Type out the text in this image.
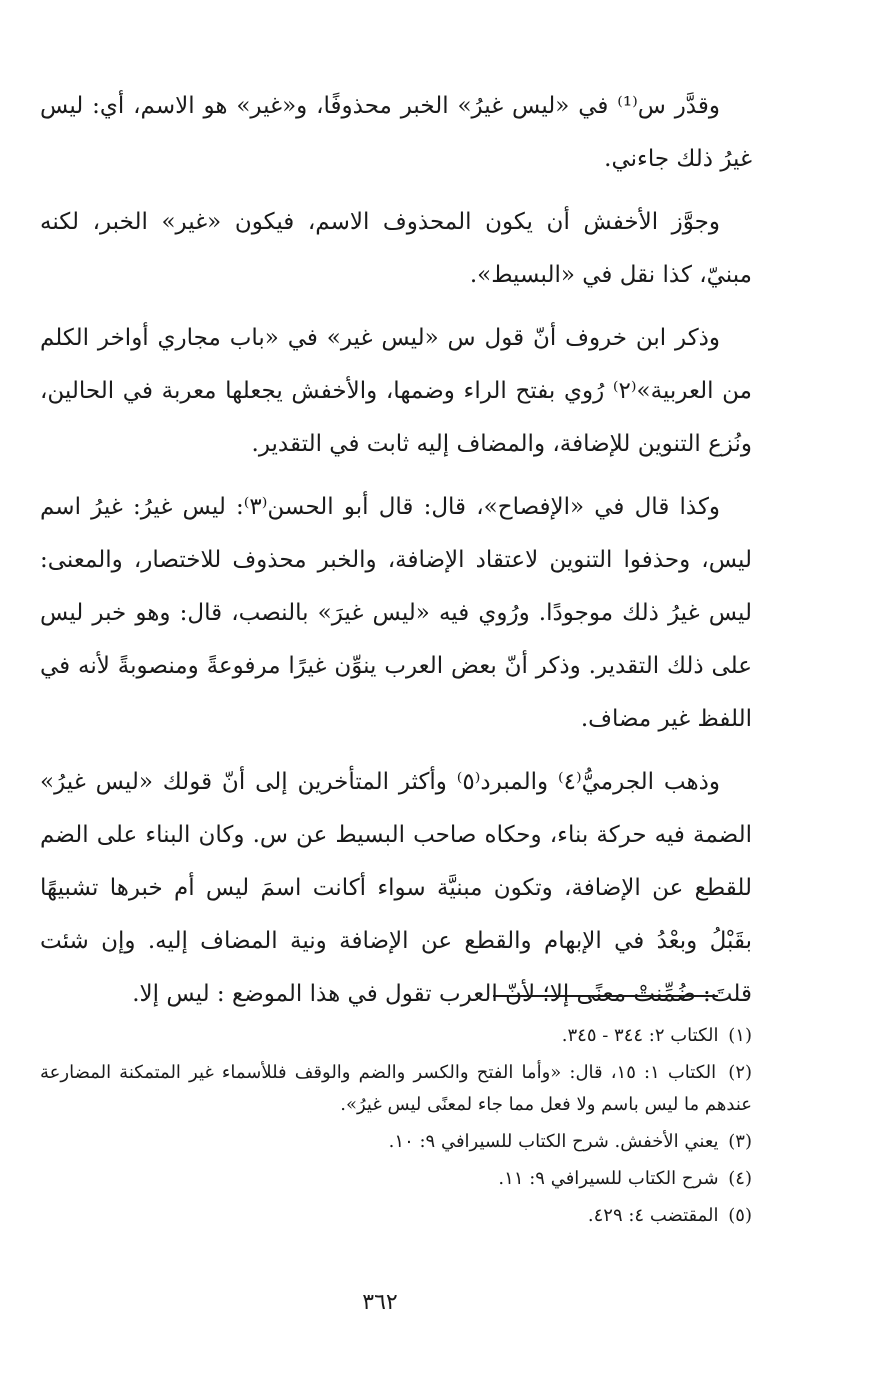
وقدَّر س⁽¹⁾ في «ليس غيرُ» الخبر محذوفًا، و«غير» هو الاسم، أي: ليس غيرُ ذلك جاءني.

وجوَّز الأخفش أن يكون المحذوف الاسم، فيكون «غير» الخبر، لكنه مبنيّ، كذا نقل في «البسيط».

وذكر ابن خروف أنّ قول س «ليس غير» في «باب مجاري أواخر الكلم من العربية»⁽٢⁾ رُوي بفتح الراء وضمها، والأخفش يجعلها معربة في الحالين، ونُزع التنوين للإضافة، والمضاف إليه ثابت في التقدير.

وكذا قال في «الإفصاح»، قال: قال أبو الحسن⁽٣⁾: ليس غيرُ: غيرُ اسم ليس، وحذفوا التنوين لاعتقاد الإضافة، والخبر محذوف للاختصار، والمعنى: ليس غيرُ ذلك موجودًا. ورُوي فيه «ليس غيرَ» بالنصب، قال: وهو خبر ليس على ذلك التقدير. وذكر أنّ بعض العرب ينوِّن غيرًا مرفوعةً ومنصوبةً لأنه في اللفظ غير مضاف.

وذهب الجرميُّ⁽٤⁾ والمبرد⁽٥⁾ وأكثر المتأخرين إلى أنّ قولك «ليس غيرُ» الضمة فيه حركة بناء، وحكاه صاحب البسيط عن س. وكان البناء على الضم للقطع عن الإضافة، وتكون مبنيَّة سواء أكانت اسمَ ليس أم خبرها تشبيهًا بقَبْلُ وبعْدُ في الإبهام والقطع عن الإضافة ونية المضاف إليه. وإن شئت قلتَ: ضُمِّنتْ معنًى إلا؛ لأنّ العرب تقول في هذا الموضع : ليس إلا.

(١) الكتاب ٢: ٣٤٤ - ٣٤٥.

(٢) الكتاب ١: ١٥، قال: «وأما الفتح والكسر والضم والوقف فللأسماء غير المتمكنة المضارعة عندهم ما ليس باسم ولا فعل مما جاء لمعنًى ليس غيرُ».

(٣) يعني الأخفش. شرح الكتاب للسيرافي ٩: ١٠.

(٤) شرح الكتاب للسيرافي ٩: ١١.

(٥) المقتضب ٤: ٤٢٩.

٣٦٢
